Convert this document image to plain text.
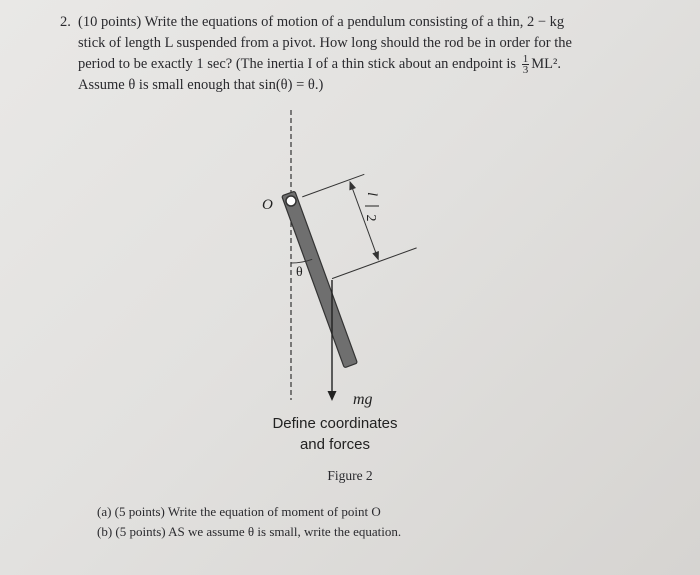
2. (10 points) Write the equations of motion of a pendulum consisting of a thin, 2 − kg
stick of length L suspended from a pivot. How long should the rod be in order for the
period to be exactly 1 sec? (The inertia I of a thin stick about an endpoint is $\frac{1}{3} ML^2$.
Assume θ is small enough that sin(θ) = θ.)
O
θ
mg
l
2
Define coordinates
and forces
Figure 2
(a) (5 points) Write the equation of moment of point O
(b) (5 points) AS we assume θ is small, write the equation.
